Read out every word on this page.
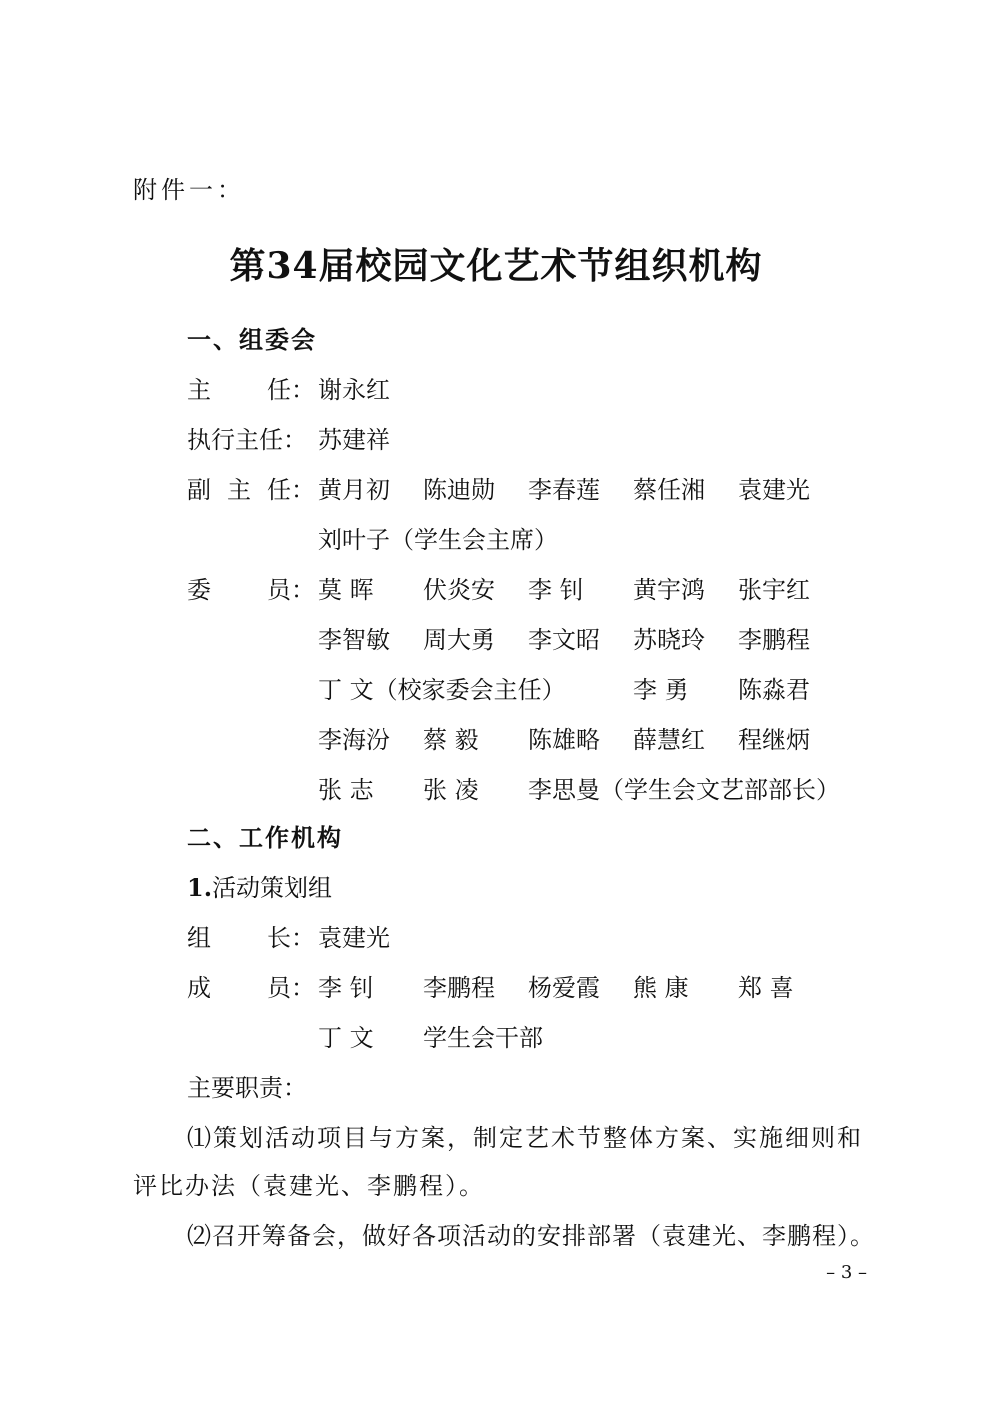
附件一：
第34届校园文化艺术节组织机构
一、组委会
主 任： 谢永红
执行主任： 苏建祥
副 主 任： 黄月初 陈迪勋 李春莲 蔡任湘 袁建光
刘叶子（学生会主席）
委 员： 莫 晖 伏炎安 李 钊 黄宇鸿 张宇红
李智敏 周大勇 李文昭 苏晓玲 李鹏程
丁 文（校家委会主任）	李 勇 陈淼君
李海汾 蔡 毅 陈雄略 薛慧红 程继炳
张 志 张 凌 李思曼（学生会文艺部部长）
二、工作机构
1.活动策划组
组 长： 袁建光
成 员： 李 钊 李鹏程 杨爱霞 熊 康 郑 喜
丁 文 学生会干部
主要职责：
⑴策划活动项目与方案，制定艺术节整体方案、实施细则和
评比办法（袁建光、李鹏程）。
⑵召开筹备会，做好各项活动的安排部署（袁建光、李鹏程）。
– 3 –
